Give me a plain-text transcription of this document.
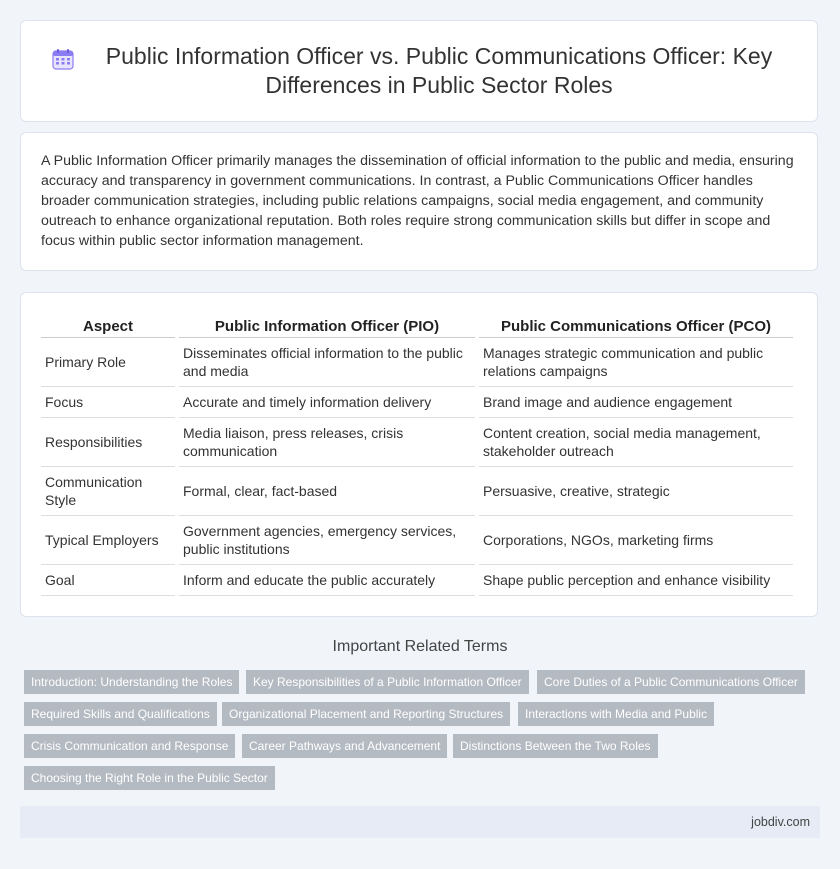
Public Information Officer vs. Public Communications Officer: Key Differences in Public Sector Roles

A Public Information Officer primarily manages the dissemination of official information to the public and media, ensuring accuracy and transparency in government communications. In contrast, a Public Communications Officer handles broader communication strategies, including public relations campaigns, social media engagement, and community outreach to enhance organizational reputation. Both roles require strong communication skills but differ in scope and focus within public sector information management.

Aspect	Public Information Officer (PIO)	Public Communications Officer (PCO)
Primary Role	Disseminates official information to the public and media	Manages strategic communication and public relations campaigns
Focus	Accurate and timely information delivery	Brand image and audience engagement
Responsibilities	Media liaison, press releases, crisis communication	Content creation, social media management, stakeholder outreach
Communication Style	Formal, clear, fact-based	Persuasive, creative, strategic
Typical Employers	Government agencies, emergency services, public institutions	Corporations, NGOs, marketing firms
Goal	Inform and educate the public accurately	Shape public perception and enhance visibility
Important Related Terms
Introduction: Understanding the Roles	Key Responsibilities of a Public Information Officer	Core Duties of a Public Communications Officer
Required Skills and Qualifications	Organizational Placement and Reporting Structures	Interactions with Media and Public
Crisis Communication and Response	Career Pathways and Advancement	Distinctions Between the Two Roles
Choosing the Right Role in the Public Sector
jobdiv.com
